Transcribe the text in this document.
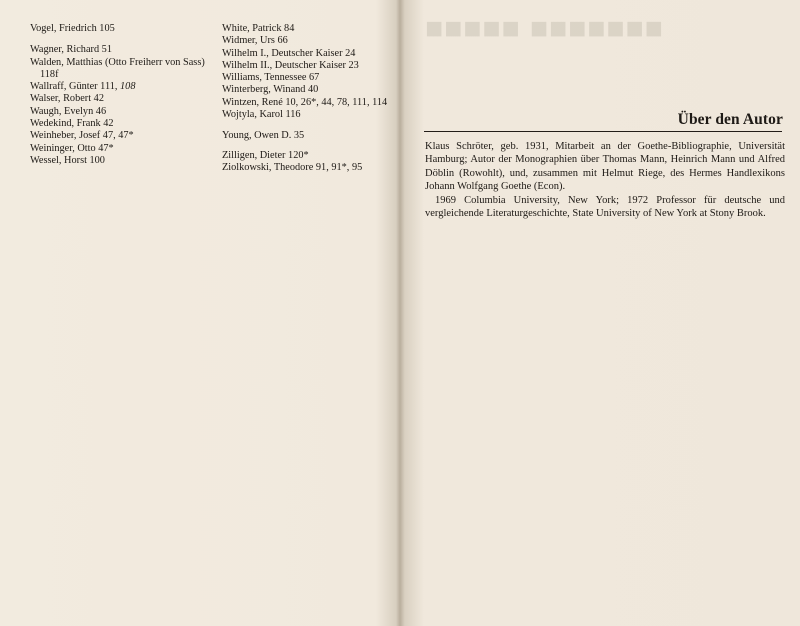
Vogel, Friedrich 105
Wagner, Richard 51
Walden, Matthias (Otto Freiherr von Sass) 118f
Wallraff, Günter 111, 108
Walser, Robert 42
Waugh, Evelyn 46
Wedekind, Frank 42
Weinheber, Josef 47, 47*
Weininger, Otto 47*
Wessel, Horst 100
White, Patrick 84
Widmer, Urs 66
Wilhelm I., Deutscher Kaiser 24
Wilhelm II., Deutscher Kaiser 23
Williams, Tennessee 67
Winterberg, Winand 40
Wintzen, René 10, 26*, 44, 78, 111, 114
Wojtyla, Karol 116
Young, Owen D. 35
Zilligen, Dieter 120*
Ziolkowski, Theodore 91, 91*, 95
■■■■■ ■■■■■■■
Über den Autor

Klaus Schröter, geb. 1931, Mitarbeit an der Goethe-Bibliographie, Universität Hamburg; Autor der Monographien über Thomas Mann, Heinrich Mann und Alfred Döblin (Rowohlt), und, zusammen mit Helmut Riege, des Hermes Handlexikons Johann Wolfgang Goethe (Econ).

1969 Columbia University, New York; 1972 Professor für deutsche und vergleichende Literaturgeschichte, State University of New York at Stony Brook.
